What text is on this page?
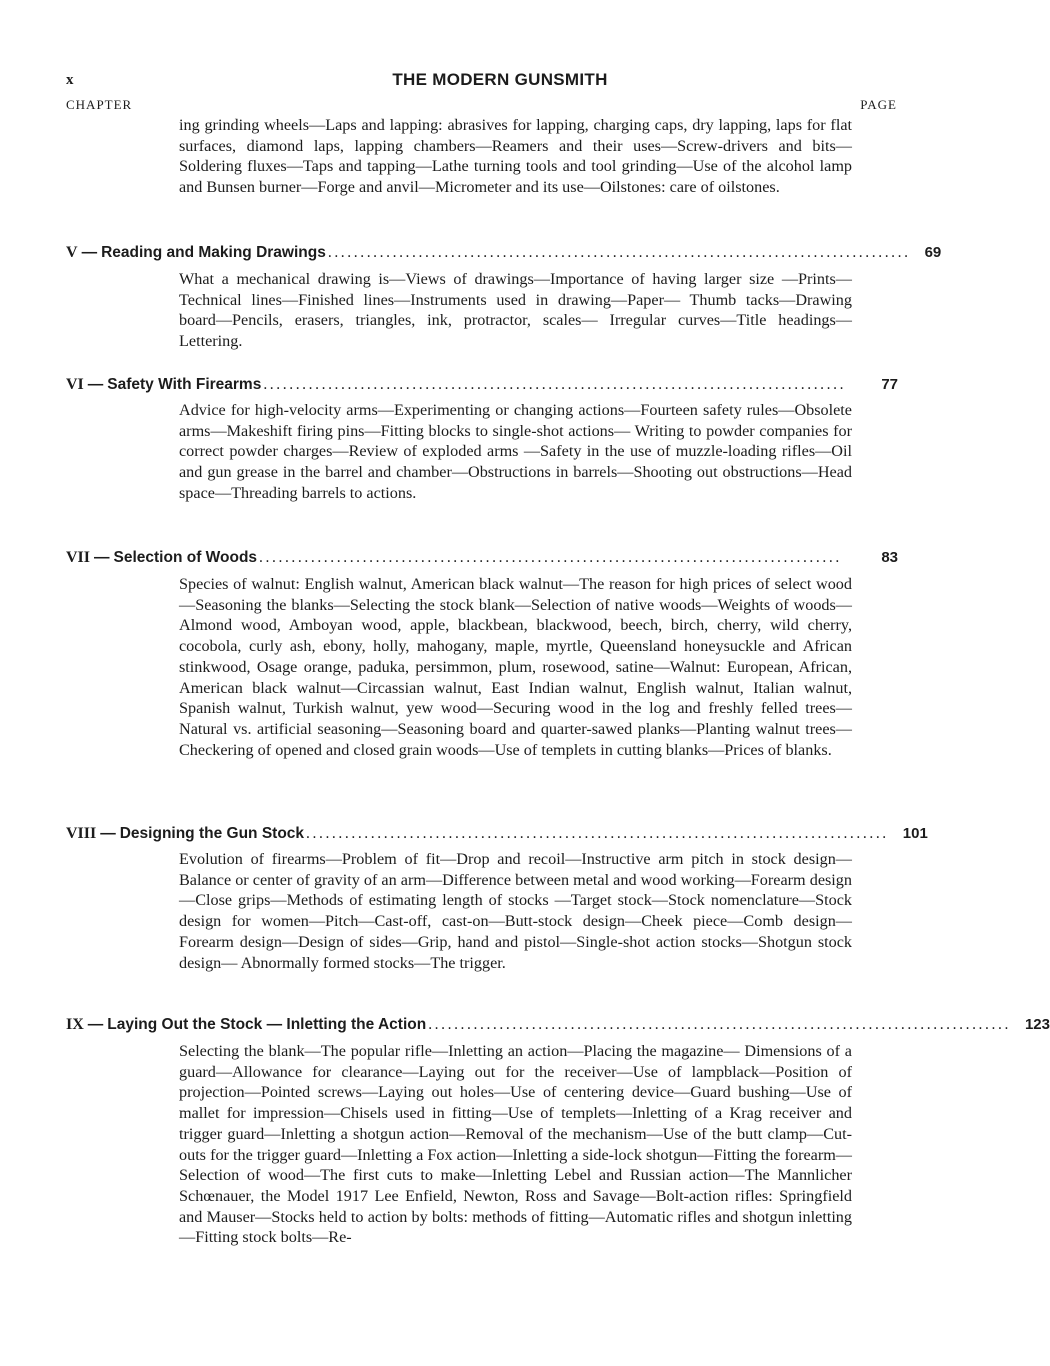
x	THE MODERN GUNSMITH
CHAPTER	PAGE
ing grinding wheels—Laps and lapping: abrasives for lapping, charging caps, dry lapping, laps for flat surfaces, diamond laps, lapping chambers—Reamers and their uses—Screw-drivers and bits—Soldering fluxes—Taps and tapping—Lathe turning tools and tool grinding—Use of the alcohol lamp and Bunsen burner—Forge and anvil—Micrometer and its use—Oilstones: care of oilstones.
V — Reading and Making Drawings .......................................................................................... 69
What a mechanical drawing is—Views of drawings—Importance of having larger size —Prints—Technical lines—Finished lines—Instruments used in drawing—Paper— Thumb tacks—Drawing board—Pencils, erasers, triangles, ink, protractor, scales— Irregular curves—Title headings—Lettering.
VI — Safety With Firearms ..........................................................................................	77
Advice for high-velocity arms—Experimenting or changing actions—Fourteen safety rules—Obsolete arms—Makeshift firing pins—Fitting blocks to single-shot actions— Writing to powder companies for correct powder charges—Review of exploded arms —Safety in the use of muzzle-loading rifles—Oil and gun grease in the barrel and chamber—Obstructions in barrels—Shooting out obstructions—Head space—Threading barrels to actions.
VII — Selection of Woods ..........................................................................................	83
Species of walnut: English walnut, American black walnut—The reason for high prices of select wood—Seasoning the blanks—Selecting the stock blank—Selection of native woods—Weights of woods—Almond wood, Amboyan wood, apple, blackbean, blackwood, beech, birch, cherry, wild cherry, cocobola, curly ash, ebony, holly, mahogany, maple, myrtle, Queensland honeysuckle and African stinkwood, Osage orange, paduka, persimmon, plum, rosewood, satine—Walnut: European, African, American black walnut—Circassian walnut, East Indian walnut, English walnut, Italian walnut, Spanish walnut, Turkish walnut, yew wood—Securing wood in the log and freshly felled trees—Natural vs. artificial seasoning—Seasoning board and quarter-sawed planks—Planting walnut trees—Checkering of opened and closed grain woods—Use of templets in cutting blanks—Prices of blanks.
VIII — Designing the Gun Stock .......................................................................................... 101
Evolution of firearms—Problem of fit—Drop and recoil—Instructive arm pitch in stock design—Balance or center of gravity of an arm—Difference between metal and wood working—Forearm design—Close grips—Methods of estimating length of stocks —Target stock—Stock nomenclature—Stock design for women—Pitch—Cast-off, cast-on—Butt-stock design—Cheek piece—Comb design—Forearm design—Design of sides—Grip, hand and pistol—Single-shot action stocks—Shotgun stock design— Abnormally formed stocks—The trigger.
IX — Laying Out the Stock — Inletting the Action .......................................................................................... 123
Selecting the blank—The popular rifle—Inletting an action—Placing the magazine— Dimensions of a guard—Allowance for clearance—Laying out for the receiver—Use of lampblack—Position of projection—Pointed screws—Laying out holes—Use of centering device—Guard bushing—Use of mallet for impression—Chisels used in fitting—Use of templets—Inletting of a Krag receiver and trigger guard—Inletting a shotgun action—Removal of the mechanism—Use of the butt clamp—Cut-outs for the trigger guard—Inletting a Fox action—Inletting a side-lock shotgun—Fitting the forearm—Selection of wood—The first cuts to make—Inletting Lebel and Russian action—The Mannlicher Schœnauer, the Model 1917 Lee Enfield, Newton, Ross and Savage—Bolt-action rifles: Springfield and Mauser—Stocks held to action by bolts: methods of fitting—Automatic rifles and shotgun inletting—Fitting stock bolts—Re-
